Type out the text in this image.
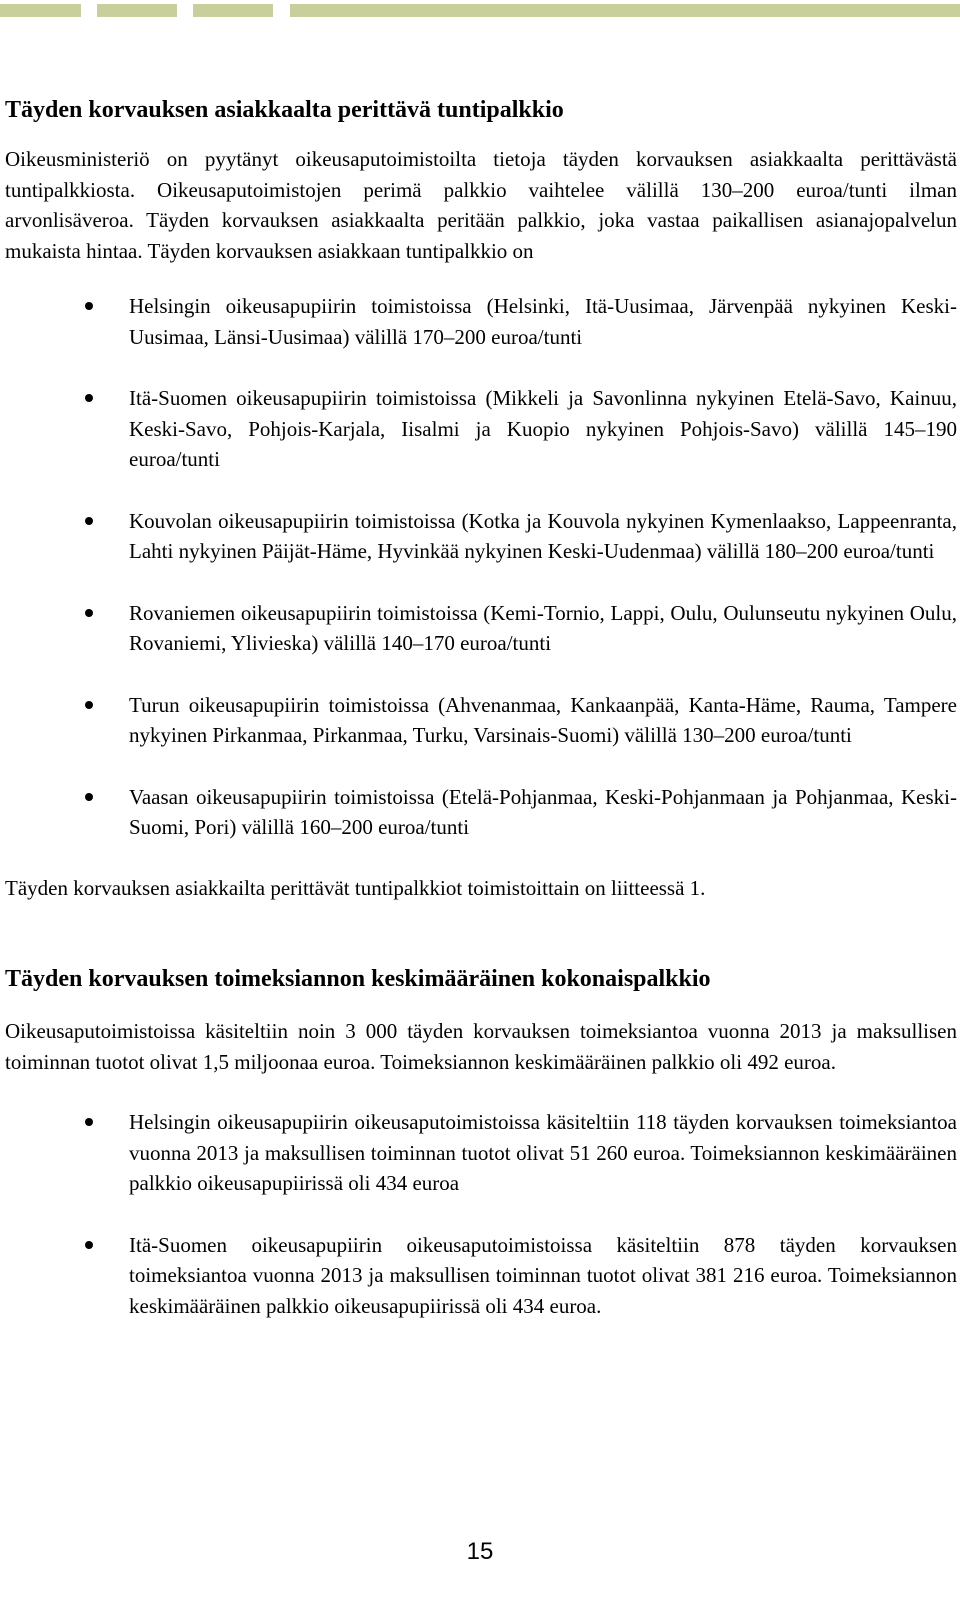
Täyden korvauksen asiakkaalta perittävä tuntipalkkio

Oikeusministeriö on pyytänyt oikeusaputoimistoilta tietoja täyden korvauksen asiakkaalta perittävästä tuntipalkkiosta. Oikeusaputoimistojen perimä palkkio vaihtelee välillä 130–200 euroa/tunti ilman arvonlisäveroa. Täyden korvauksen asiakkaalta peritään palkkio, joka vastaa paikallisen asianajopalvelun mukaista hintaa. Täyden korvauksen asiakkaan tuntipalkkio on

Helsingin oikeusapupiirin toimistoissa (Helsinki, Itä-Uusimaa, Järvenpää nykyinen Keski-Uusimaa, Länsi-Uusimaa) välillä 170–200 euroa/tunti
Itä-Suomen oikeusapupiirin toimistoissa (Mikkeli ja Savonlinna nykyinen Etelä-Savo, Kainuu, Keski-Savo, Pohjois-Karjala, Iisalmi ja Kuopio nykyinen Pohjois-Savo) välillä 145–190 euroa/tunti
Kouvolan oikeusapupiirin toimistoissa (Kotka ja Kouvola nykyinen Kymenlaakso, Lappeenranta, Lahti nykyinen Päijät-Häme, Hyvinkää nykyinen Keski-Uudenmaa) välillä 180–200 euroa/tunti
Rovaniemen oikeusapupiirin toimistoissa (Kemi-Tornio, Lappi, Oulu, Oulunseutu nykyinen Oulu, Rovaniemi, Ylivieska) välillä 140–170 euroa/tunti
Turun oikeusapupiirin toimistoissa (Ahvenanmaa, Kankaanpää, Kanta-Häme, Rauma, Tampere nykyinen Pirkanmaa, Pirkanmaa, Turku, Varsinais-Suomi) välillä 130–200 euroa/tunti
Vaasan oikeusapupiirin toimistoissa (Etelä-Pohjanmaa, Keski-Pohjanmaan ja Pohjanmaa, Keski-Suomi, Pori) välillä 160–200 euroa/tunti

Täyden korvauksen asiakkailta perittävät tuntipalkkiot toimistoittain on liitteessä 1.

Täyden korvauksen toimeksiannon keskimääräinen kokonaispalkkio

Oikeusaputoimistoissa käsiteltiin noin 3 000 täyden korvauksen toimeksiantoa vuonna 2013 ja maksullisen toiminnan tuotot olivat 1,5 miljoonaa euroa. Toimeksiannon keskimääräinen palkkio oli 492 euroa.

Helsingin oikeusapupiirin oikeusaputoimistoissa käsiteltiin 118 täyden korvauksen toimeksiantoa vuonna 2013 ja maksullisen toiminnan tuotot olivat 51 260 euroa. Toimeksiannon keskimääräinen palkkio oikeusapupiirissä oli 434 euroa
Itä-Suomen oikeusapupiirin oikeusaputoimistoissa käsiteltiin 878 täyden korvauksen toimeksiantoa vuonna 2013 ja maksullisen toiminnan tuotot olivat 381 216 euroa. Toimeksiannon keskimääräinen palkkio oikeusapupiirissä oli 434 euroa.
15
